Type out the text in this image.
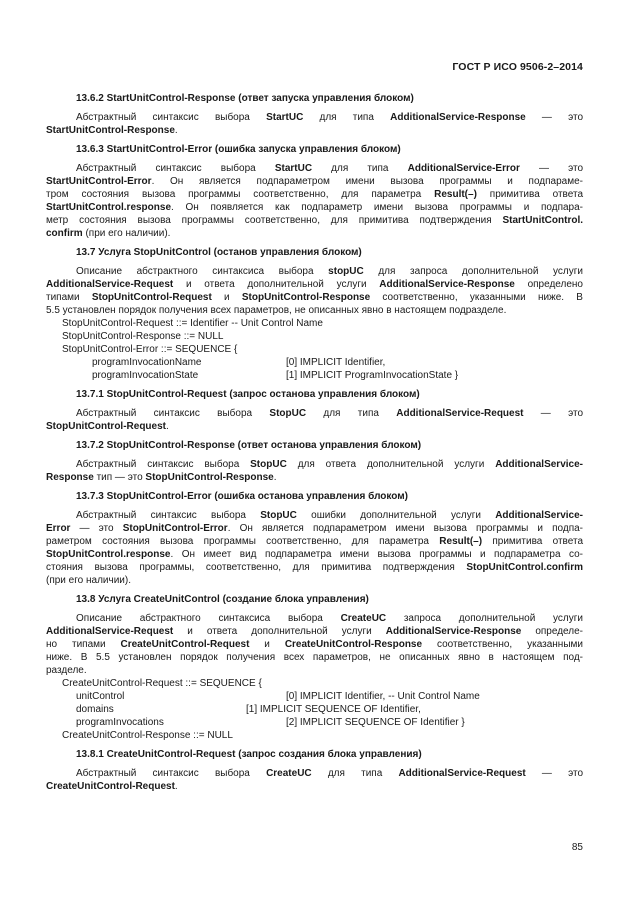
ГОСТ Р ИСО 9506-2–2014
13.6.2 StartUnitControl-Response (ответ запуска управления блоком)
Абстрактный синтаксис выбора StartUC для типа AdditionalService-Response — это
StartUnitControl-Response.
13.6.3 StartUnitControl-Error (ошибка запуска управления блоком)
Абстрактный синтаксис выбора StartUC для типа AdditionalService-Error — это
StartUnitControl-Error. Он является подпараметром имени вызова программы и подпараме-
тром состояния вызова программы соответственно, для параметра Result(–) примитива ответа
StartUnitControl.response. Он появляется как подпараметр имени вызова программы и подпара-
метр состояния вызова программы соответственно, для примитива подтверждения StartUnitControl.
confirm (при его наличии).
13.7 Услуга StopUnitControl (останов управления блоком)
Описание абстрактного синтаксиса выбора stopUC для запроса дополнительной услуги
AdditionalService-Request и ответа дополнительной услуги AdditionalService-Response определено
типами StopUnitControl-Request и StopUnitControl-Response соответственно, указанными ниже. В
5.5 установлен порядок получения всех параметров, не описанных явно в настоящем подразделе.
StopUnitControl-Request ::= Identifier -- Unit Control Name
StopUnitControl-Response ::= NULL
StopUnitControl-Error ::= SEQUENCE {
programInvocationName	[0] IMPLICIT Identifier,
programInvocationState	[1] IMPLICIT ProgramInvocationState }
13.7.1 StopUnitControl-Request (запрос останова управления блоком)
Абстрактный синтаксис выбора StopUC для типа AdditionalService-Request — это
StopUnitControl-Request.
13.7.2 StopUnitControl-Response (ответ останова управления блоком)
Абстрактный синтаксис выбора StopUC для ответа дополнительной услуги AdditionalService-
Response тип — это StopUnitControl-Response.
13.7.3 StopUnitControl-Error (ошибка останова управления блоком)
Абстрактный синтаксис выбора StopUC ошибки дополнительной услуги AdditionalService-
Error — это StopUnitControl-Error. Он является подпараметром имени вызова программы и подпа-
раметром состояния вызова программы соответственно, для параметра Result(–) примитива ответа
StopUnitControl.response. Он имеет вид подпараметра имени вызова программы и подпараметра со-
стояния вызова программы, соответственно, для примитива подтверждения StopUnitControl.confirm
(при его наличии).
13.8 Услуга CreateUnitControl (создание блока управления)
Описание абстрактного синтаксиса выбора CreateUC запроса дополнительной услуги
AdditionalService-Request и ответа дополнительной услуги AdditionalService-Response определе-
но типами CreateUnitControl-Request и CreateUnitControl-Response соответственно, указанными
ниже. В 5.5 установлен порядок получения всех параметров, не описанных явно в настоящем под-
разделе.
CreateUnitControl-Request ::= SEQUENCE {
unitControl	[0] IMPLICIT Identifier, -- Unit Control Name
domains	[1] IMPLICIT SEQUENCE OF Identifier,
programInvocations	[2] IMPLICIT SEQUENCE OF Identifier }
CreateUnitControl-Response ::= NULL
13.8.1 CreateUnitControl-Request (запрос создания блока управления)
Абстрактный синтаксис выбора CreateUC для типа AdditionalService-Request — это
CreateUnitControl-Request.
85
